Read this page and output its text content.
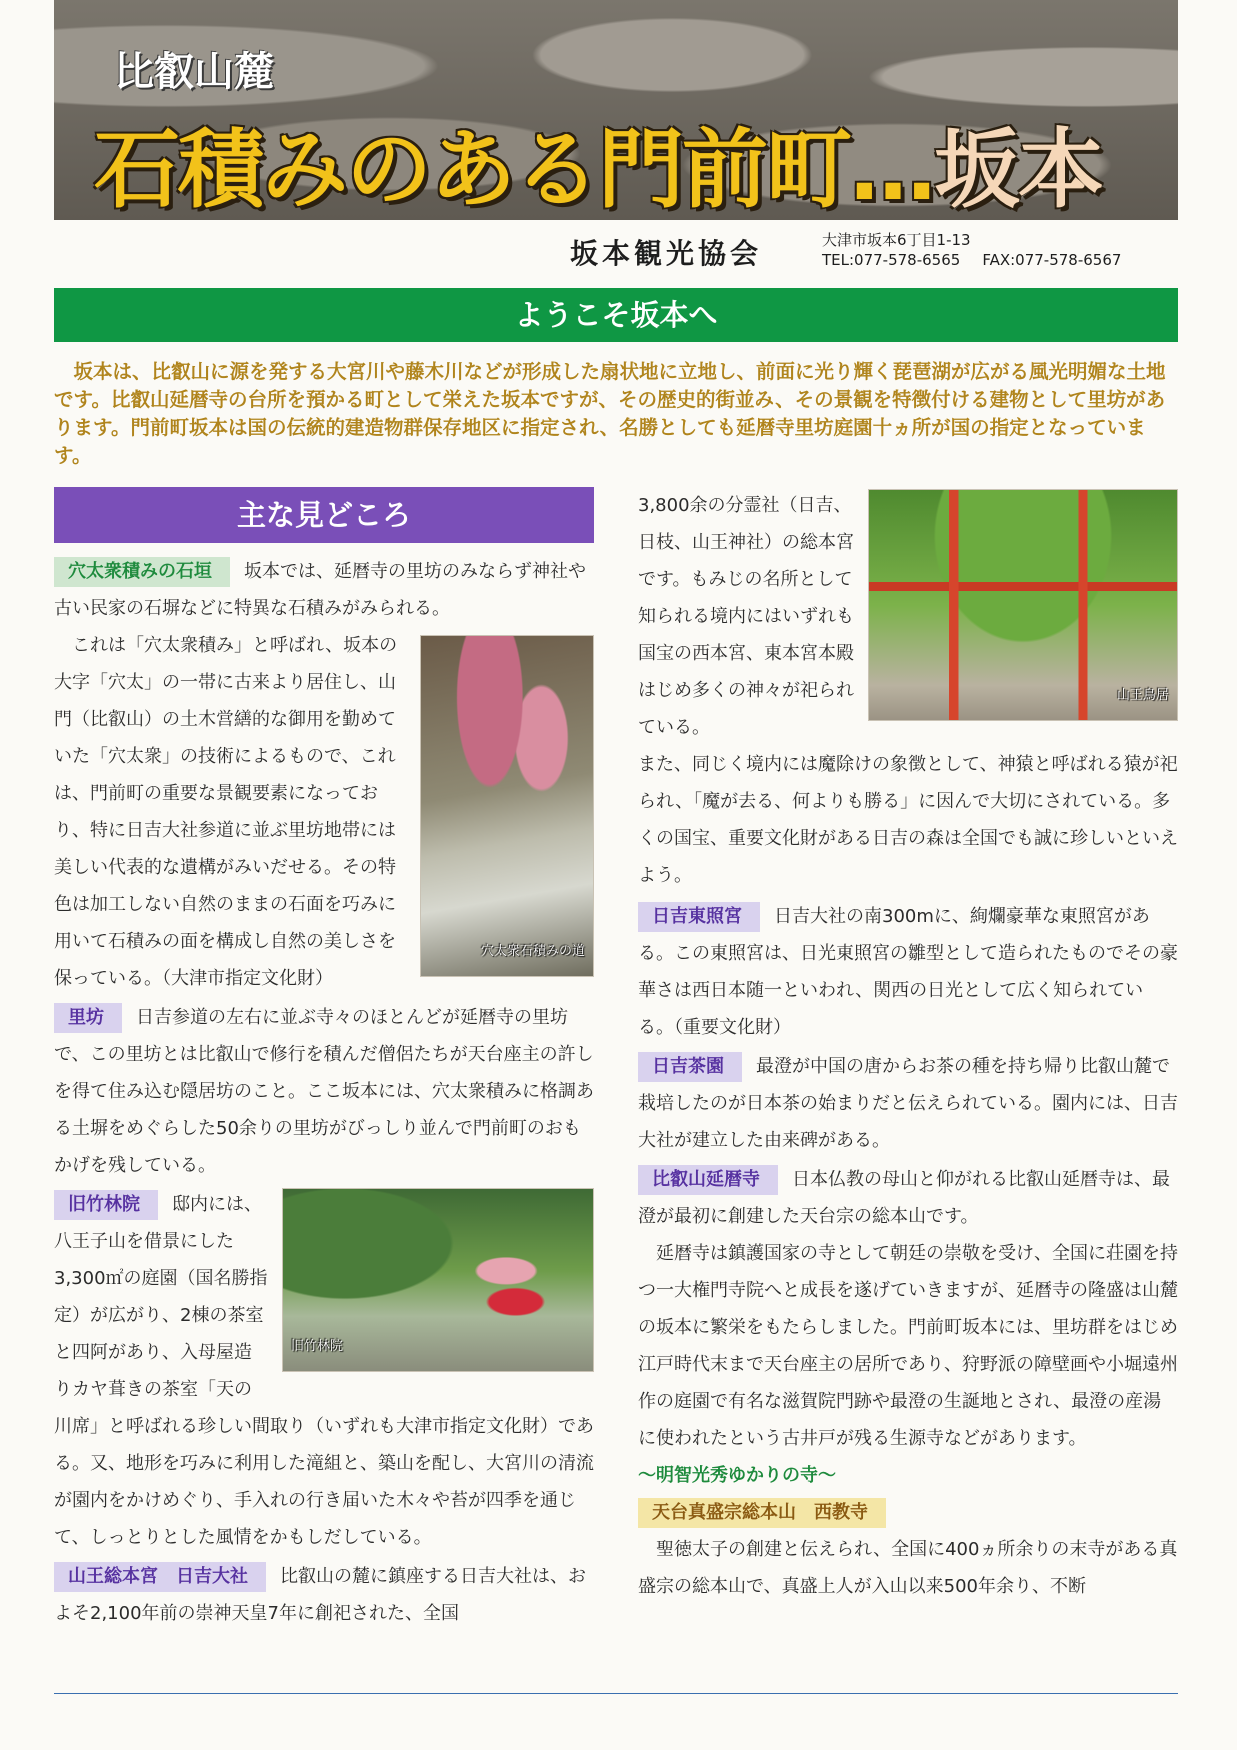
比叡山麓
石積みのある門前町…坂本
坂本観光協会	大津市坂本6丁目1-13
TEL:077-578-6565 FAX:077-578-6567
ようこそ坂本へ
坂本は、比叡山に源を発する大宮川や藤木川などが形成した扇状地に立地し、前面に光り輝く琵琶湖が広がる風光明媚な土地です。比叡山延暦寺の台所を預かる町として栄えた坂本ですが、その歴史的街並み、その景観を特徴付ける建物として里坊があります。門前町坂本は国の伝統的建造物群保存地区に指定され、名勝としても延暦寺里坊庭園十ヵ所が国の指定となっています。
主な見どころ

穴太衆積みの石垣 坂本では、延暦寺の里坊のみならず神社や古い民家の石塀などに特異な石積みがみられる。

穴太衆石積みの道

これは「穴太衆積み」と呼ばれ、坂本の大字「穴太」の一帯に古来より居住し、山門（比叡山）の土木営繕的な御用を勤めていた「穴太衆」の技術によるもので、これは、門前町の重要な景観要素になっており、特に日吉大社参道に並ぶ里坊地帯には美しい代表的な遺構がみいだせる。その特色は加工しない自然のままの石面を巧みに用いて石積みの面を構成し自然の美しさを保っている。（大津市指定文化財）

里坊 日吉参道の左右に並ぶ寺々のほとんどが延暦寺の里坊で、この里坊とは比叡山で修行を積んだ僧侶たちが天台座主の許しを得て住み込む隠居坊のこと。ここ坂本には、穴太衆積みに格調ある土塀をめぐらした50余りの里坊がびっしり並んで門前町のおもかげを残している。

旧竹林院

旧竹林院 邸内には、八王子山を借景にした3,300㎡の庭園（国名勝指定）が広がり、2棟の茶室と四阿があり、入母屋造りカヤ葺きの茶室「天の川席」と呼ばれる珍しい間取り（いずれも大津市指定文化財）である。又、地形を巧みに利用した滝組と、築山を配し、大宮川の清流が園内をかけめぐり、手入れの行き届いた木々や苔が四季を通じて、しっとりとした風情をかもしだしている。

山王総本宮　日吉大社 比叡山の麓に鎮座する日吉大社は、およそ2,100年前の崇神天皇7年に創祀された、全国

山王鳥居

3,800余の分霊社（日吉、日枝、山王神社）の総本宮です。もみじの名所として知られる境内にはいずれも国宝の西本宮、東本宮本殿はじめ多くの神々が祀られている。

また、同じく境内には魔除けの象徴として、神猿と呼ばれる猿が祀られ、「魔が去る、何よりも勝る」に因んで大切にされている。多くの国宝、重要文化財がある日吉の森は全国でも誠に珍しいといえよう。

日吉東照宮 日吉大社の南300mに、絢爛豪華な東照宮がある。この東照宮は、日光東照宮の雛型として造られたものでその豪華さは西日本随一といわれ、関西の日光として広く知られている。（重要文化財）

日吉茶園 最澄が中国の唐からお茶の種を持ち帰り比叡山麓で栽培したのが日本茶の始まりだと伝えられている。園内には、日吉大社が建立した由来碑がある。

比叡山延暦寺 日本仏教の母山と仰がれる比叡山延暦寺は、最澄が最初に創建した天台宗の総本山です。

延暦寺は鎮護国家の寺として朝廷の崇敬を受け、全国に荘園を持つ一大権門寺院へと成長を遂げていきますが、延暦寺の隆盛は山麓の坂本に繁栄をもたらしました。門前町坂本には、里坊群をはじめ江戸時代末まで天台座主の居所であり、狩野派の障壁画や小堀遠州作の庭園で有名な滋賀院門跡や最澄の生誕地とされ、最澄の産湯に使われたという古井戸が残る生源寺などがあります。

～明智光秀ゆかりの寺～

天台真盛宗総本山　西教寺

聖徳太子の創建と伝えられ、全国に400ヵ所余りの末寺がある真盛宗の総本山で、真盛上人が入山以来500年余り、不断
